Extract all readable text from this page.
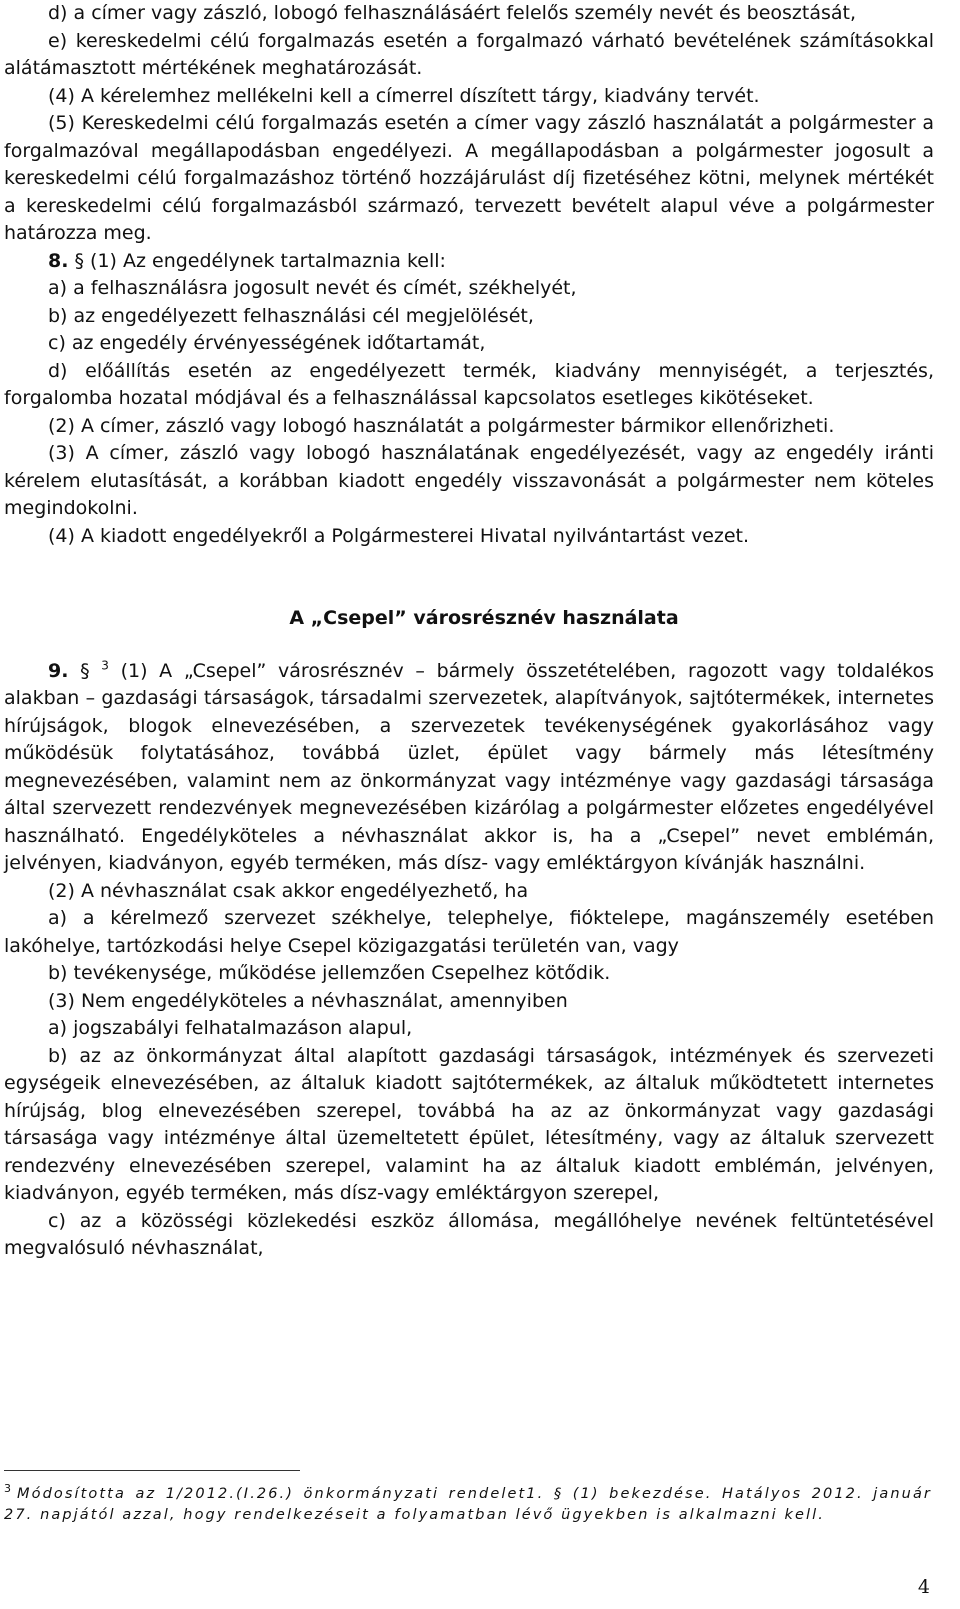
d) a címer vagy zászló, lobogó felhasználásáért felelős személy nevét és beosztását,

e) kereskedelmi célú forgalmazás esetén a forgalmazó várható bevételének számításokkal alátámasztott mértékének meghatározását.

(4) A kérelemhez mellékelni kell a címerrel díszített tárgy, kiadvány tervét.

(5) Kereskedelmi célú forgalmazás esetén a címer vagy zászló használatát a polgármester a forgalmazóval megállapodásban engedélyezi. A megállapodásban a polgármester jogosult a kereskedelmi célú forgalmazáshoz történő hozzájárulást díj fizetéséhez kötni, melynek mértékét a kereskedelmi célú forgalmazásból származó, tervezett bevételt alapul véve a polgármester határozza meg.

8. § (1) Az engedélynek tartalmaznia kell:

a) a felhasználásra jogosult nevét és címét, székhelyét,

b) az engedélyezett felhasználási cél megjelölését,

c) az engedély érvényességének időtartamát,

d) előállítás esetén az engedélyezett termék, kiadvány mennyiségét, a terjesztés, forgalomba hozatal módjával és a felhasználással kapcsolatos esetleges kikötéseket.

(2) A címer, zászló vagy lobogó használatát a polgármester bármikor ellenőrizheti.

(3) A címer, zászló vagy lobogó használatának engedélyezését, vagy az engedély iránti kérelem elutasítását, a korábban kiadott engedély visszavonását a polgármester nem köteles megindokolni.

(4) A kiadott engedélyekről a Polgármesterei Hivatal nyilvántartást vezet.

A „Csepel” városrésznév használata

9. § $^3$ (1) A „Csepel” városrésznév – bármely összetételében, ragozott vagy toldalékos alakban – gazdasági társaságok, társadalmi szervezetek, alapítványok, sajtótermékek, internetes hírújságok, blogok elnevezésében, a szervezetek tevékenységének gyakorlásához vagy működésük folytatásához, továbbá üzlet, épület vagy bármely más létesítmény megnevezésében, valamint nem az önkormányzat vagy intézménye vagy gazdasági társasága által szervezett rendezvények megnevezésében kizárólag a polgármester előzetes engedélyével használható. Engedélyköteles a névhasználat akkor is, ha a „Csepel” nevet emblémán, jelvényen, kiadványon, egyéb terméken, más dísz- vagy emléktárgyon kívánják használni.

(2) A névhasználat csak akkor engedélyezhető, ha

a) a kérelmező szervezet székhelye, telephelye, fióktelepe, magánszemély esetében lakóhelye, tartózkodási helye Csepel közigazgatási területén van, vagy

b) tevékenysége, működése jellemzően Csepelhez kötődik.

(3) Nem engedélyköteles a névhasználat, amennyiben

a) jogszabályi felhatalmazáson alapul,

b) az az önkormányzat által alapított gazdasági társaságok, intézmények és szervezeti egységeik elnevezésében, az általuk kiadott sajtótermékek, az általuk működtetett internetes hírújság, blog elnevezésében szerepel, továbbá ha az az önkormányzat vagy gazdasági társasága vagy intézménye által üzemeltetett épület, létesítmény, vagy az általuk szervezett rendezvény elnevezésében szerepel, valamint ha az általuk kiadott emblémán, jelvényen, kiadványon, egyéb terméken, más dísz-vagy emléktárgyon szerepel,

c) az a közösségi közlekedési eszköz állomása, megállóhelye nevének feltüntetésével megvalósuló névhasználat,

$^3$ Módosította az 1/2012.(I.26.) önkormányzati rendelet1. § (1) bekezdése. Hatályos 2012. január 27. napjától azzal, hogy rendelkezéseit a folyamatban lévő ügyekben is alkalmazni kell.

4
